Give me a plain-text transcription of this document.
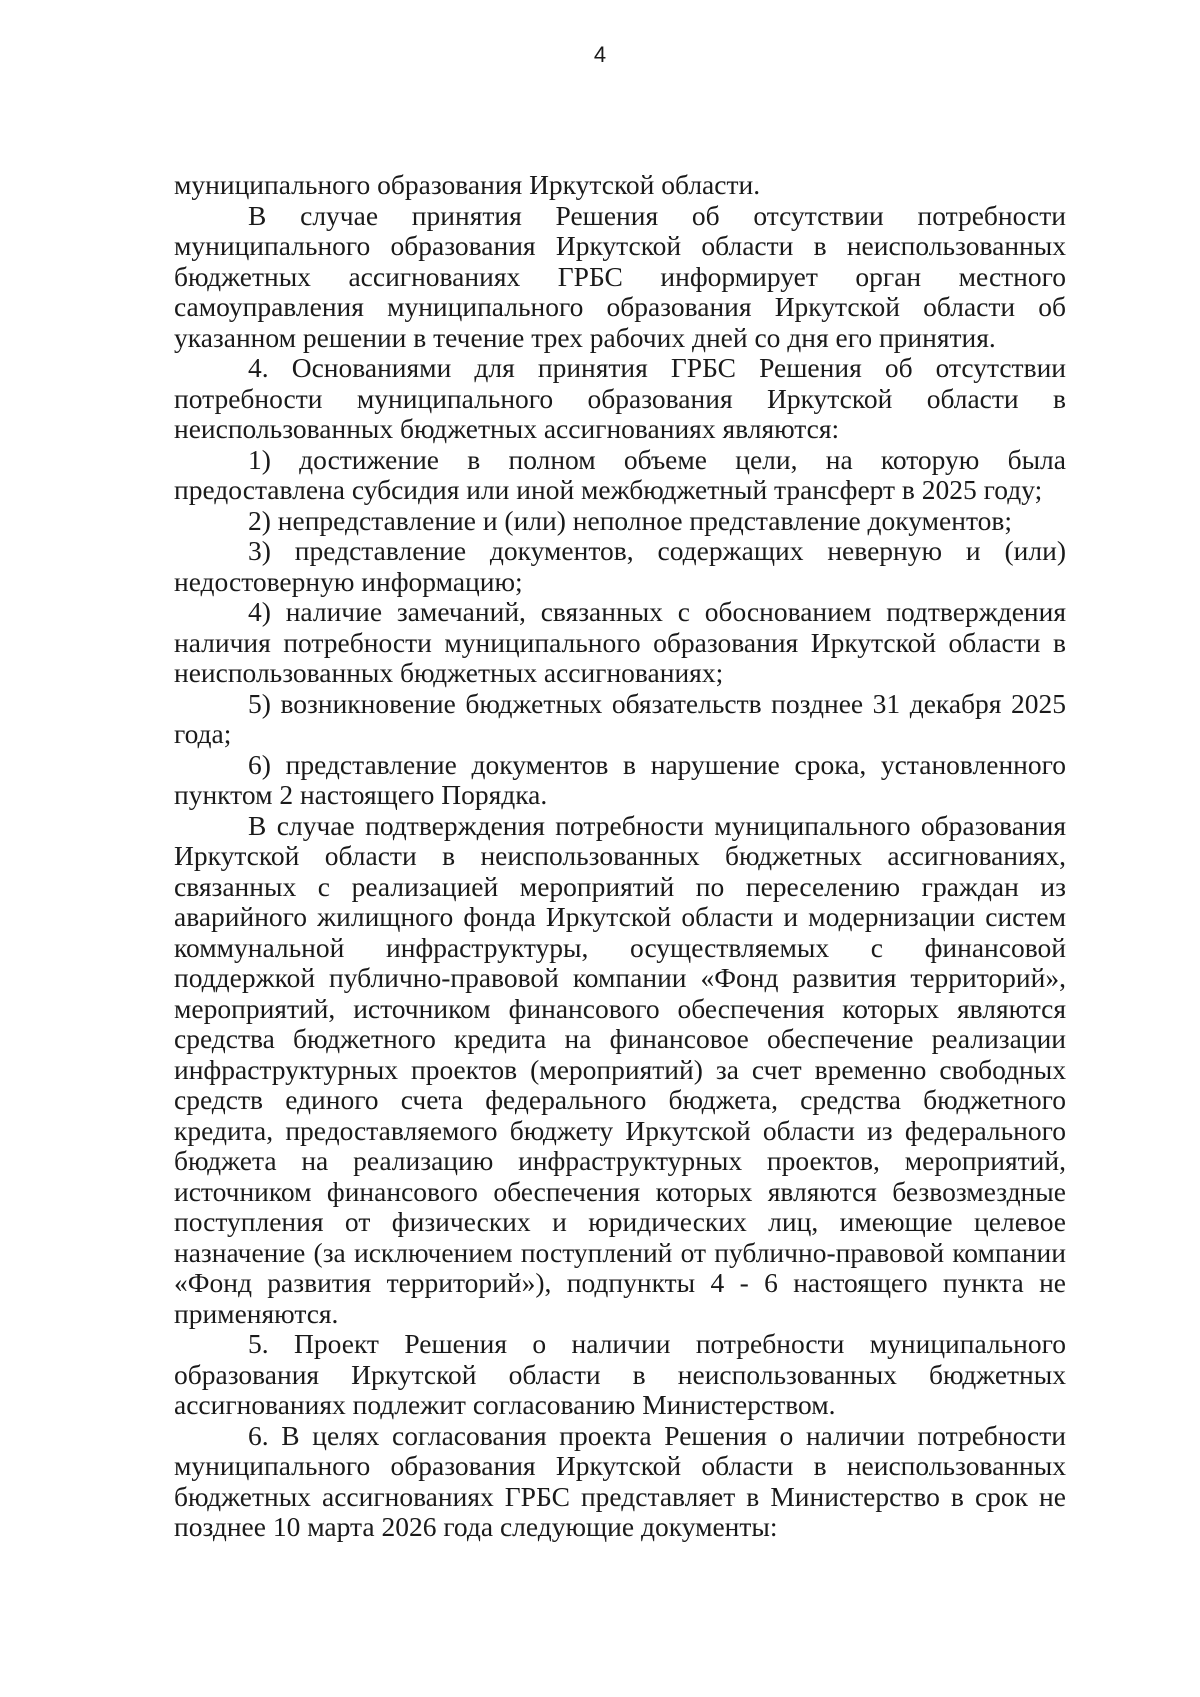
4

муниципального образования Иркутской области.

В случае принятия Решения об отсутствии потребности муниципального образования Иркутской области в неиспользованных бюджетных ассигнованиях ГРБС информирует орган местного самоуправления муниципального образования Иркутской области об указанном решении в течение трех рабочих дней со дня его принятия.

4. Основаниями для принятия ГРБС Решения об отсутствии потребности муниципального образования Иркутской области в неиспользованных бюджетных ассигнованиях являются:

1) достижение в полном объеме цели, на которую была предоставлена субсидия или иной межбюджетный трансферт в 2025 году;

2) непредставление и (или) неполное представление документов;

3) представление документов, содержащих неверную и (или) недостоверную информацию;

4) наличие замечаний, связанных с обоснованием подтверждения наличия потребности муниципального образования Иркутской области в неиспользованных бюджетных ассигнованиях;

5) возникновение бюджетных обязательств позднее 31 декабря 2025 года;

6) представление документов в нарушение срока, установленного пунктом 2 настоящего Порядка.

В случае подтверждения потребности муниципального образования Иркутской области в неиспользованных бюджетных ассигнованиях, связанных с реализацией мероприятий по переселению граждан из аварийного жилищного фонда Иркутской области и модернизации систем коммунальной инфраструктуры, осуществляемых с финансовой поддержкой публично-правовой компании «Фонд развития территорий», мероприятий, источником финансового обеспечения которых являются средства бюджетного кредита на финансовое обеспечение реализации инфраструктурных проектов (мероприятий) за счет временно свободных средств единого счета федерального бюджета, средства бюджетного кредита, предоставляемого бюджету Иркутской области из федерального бюджета на реализацию инфраструктурных проектов, мероприятий, источником финансового обеспечения которых являются безвозмездные поступления от физических и юридических лиц, имеющие целевое назначение (за исключением поступлений от публично-правовой компании «Фонд развития территорий»), подпункты 4 - 6 настоящего пункта не применяются.

5. Проект Решения о наличии потребности муниципального образования Иркутской области в неиспользованных бюджетных ассигнованиях подлежит согласованию Министерством.

6. В целях согласования проекта Решения о наличии потребности муниципального образования Иркутской области в неиспользованных бюджетных ассигнованиях ГРБС представляет в Министерство в срок не позднее 10 марта 2026 года следующие документы:
